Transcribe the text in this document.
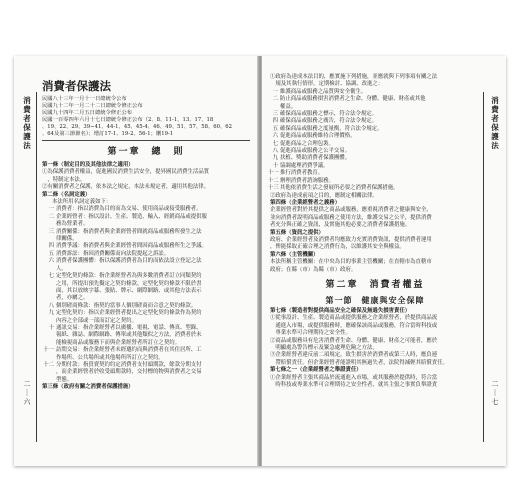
消
費
者
保
護
法
二
｜
六
消費者保護法
民國八十三年一月十一日總統令公布
民國九十二年一月二十二日總統令修正公布
民國九十四年二月五日總統令修正公布
民國一百零四年六月十七日總統令修正公布（2、8、11-1、13、17、18
、19、22、29、39∼41、44-1、45、45-4、46、49、51、57、58、60、62
、64及第三節節名）；增訂17-1、19-2、56-1；刪19-1
第一章　總　則
第一條（制定目的及其他法律之適用）
①為保護消費者權益，促進國民消費生活安全，提昇國民消費生活品質
　，特制定本法。
②有關消費者之保護，依本法之規定，本法未規定者，適用其他法律。
第二條（名詞定義）
本法所用名詞定義如下：
一 消費者：指以消費為目的而為交易、使用商品或接受服務者。
二 企業經營者：指以設計、生產、製造、輸入、經銷商品或提供服
務為營業者。
三 消費關係：指消費者與企業經營者間就商品或服務所發生之法
律關係。
四 消費爭議：指消費者與企業經營者間因商品或服務所生之爭議。
五 消費訴訟：指因消費關係而向法院提起之訴訟。
六 消費者保護團體：指以保護消費者為目的而依法設立登記之法
人。
七 定型化契約條款：指企業經營者為與多數消費者訂立同類契約
之用，所提出預先擬定之契約條款。定型化契約條款不限於書
面，其以放映字幕、張貼、牌示、網際網路、或其他方法表示
者，亦屬之。
八 個別磋商條款：指契約當事人個別磋商而合意之契約條款。
九 定型化契約：指以企業經營者提出之定型化契約條款作為契約
內容之全部或一部而訂定之契約。
十 通訊交易：指企業經營者以廣播、電視、電話、傳真、型錄、
報紙、雜誌、網際網路、傳單或其他類似之方法，消費者於未
能檢視商品或服務下而與企業經營者所訂立之契約。
十一 訪問交易：指企業經營者未經邀約而與消費者在其住居所、工
作場所、公共場所或其他場所所訂立之契約。
十二 分期付款：指買賣契約約定消費者支付頭期款，餘款分期支付
，而企業經營者於收受頭期款時，交付標的物與消費者之交易
型態。
第三條（政府有關之消費者保護措施）
消
費
者
保
護
法
二
｜
七
①政府為達成本法目的，應實施下列措施，並應就與下列事項有關之法
　規及其執行情形，定期檢討、協調、改進之：
一 維護商品或服務之品質與安全衛生。
二 防止商品或服務損害消費者之生命、身體、健康、財產或其他
權益。
三 確保商品或服務之標示，符合法令規定。
四 確保商品或服務之廣告，符合法令規定。
五 確保商品或服務之度量衡，符合法令規定。
六 促進商品或服務維持合理價格。
七 促進商品之合理包裝。
八 促進商品或服務之公平交易。
九 扶植、獎助消費者保護團體。
十 協調處理消費爭議。
十一推行消費者教育。
十二辦理消費者諮詢服務。
十三其他依消費生活之發展所必要之消費者保護措施。
②政府為達成前項之目的，應制定相關法律。
第四條（企業經營者之義務）
企業經營者對於其提供之商品或服務，應重視消費者之健康與安全，
並向消費者說明商品或服務之使用方法，維護交易之公平，提供消費
者充分與正確之資訊，及實施其他必要之消費者保護措施。
第五條（資訊之提供）
政府、企業經營者及消費者均應致力充實消費資訊，提供消費者運用
，俾能採取正確合理之消費行為，以維護其安全與權益。
第六條（主管機關）
本法所稱主管機關：在中央為目的事業主管機關；在直轄市為直轄市
政府；在縣（市）為縣（市）政府。
第二章　消費者權益
第一節　健康與安全保障
第七條（製造者對提供商品安全之確保及無過失損害責任）
①從事設計、生產、製造商品或提供服務之企業經營者，於提供商品流
　通進入市場，或提供服務時，應確保該商品或服務，符合當時科技或
　專業水準可合理期待之安全性。
②商品或服務具有危害消費者生命、身體、健康、財產之可能者，應於
　明顯處為警告標示及緊急處理危險之方法。
③企業經營者違反前二項規定，致生損害於消費者或第三人時，應負連
　帶賠償責任。但企業經營者能證明其無過失者，法院得減輕其賠償責任。
第七條之一（企業經營者之舉證責任）
①企業經營者主張其商品於流通進入市場，或其服務於提供時，符合當
　時科技或專業水準可合理期待之安全性者，就其主張之事實負舉證責
